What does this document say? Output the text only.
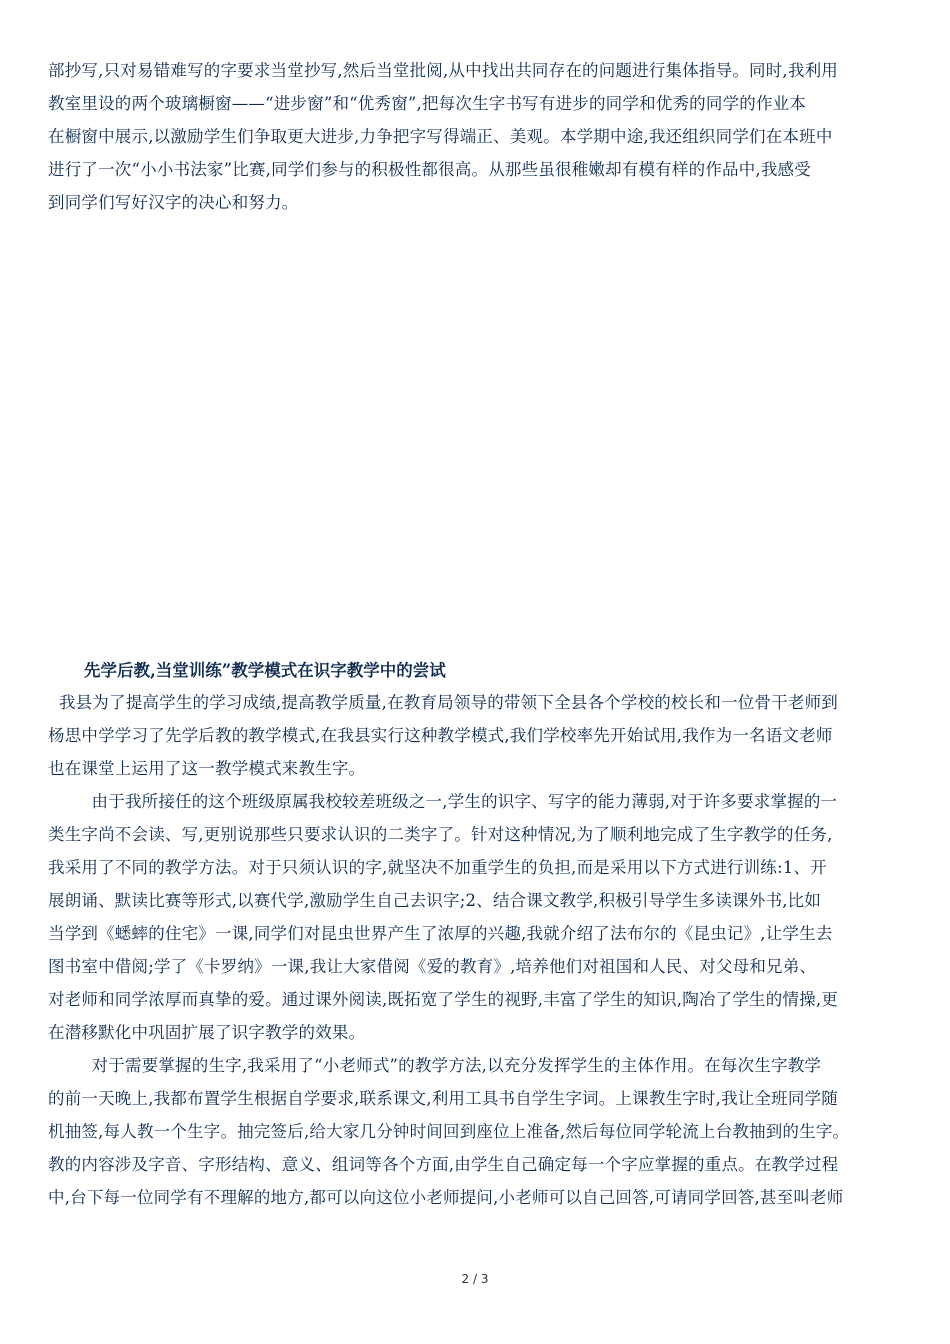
部抄写,只对易错难写的字要求当堂抄写,然后当堂批阅,从中找出共同存在的问题进行集体指导。同时,我利用
教室里设的两个玻璃橱窗——“进步窗”和“优秀窗”,把每次生字书写有进步的同学和优秀的同学的作业本
在橱窗中展示,以激励学生们争取更大进步,力争把字写得端正、美观。本学期中途,我还组织同学们在本班中
进行了一次“小小书法家”比赛,同学们参与的积极性都很高。从那些虽很稚嫩却有模有样的作品中,我感受
到同学们写好汉字的决心和努力。
先学后教,当堂训练”教学模式在识字教学中的尝试
我县为了提高学生的学习成绩,提高教学质量,在教育局领导的带领下全县各个学校的校长和一位骨干老师到
杨思中学学习了先学后教的教学模式,在我县实行这种教学模式,我们学校率先开始试用,我作为一名语文老师
也在课堂上运用了这一教学模式来教生字。
由于我所接任的这个班级原属我校较差班级之一,学生的识字、写字的能力薄弱,对于许多要求掌握的一
类生字尚不会读、写,更别说那些只要求认识的二类字了。针对这种情况,为了顺利地完成了生字教学的任务,
我采用了不同的教学方法。对于只须认识的字,就坚决不加重学生的负担,而是采用以下方式进行训练:1、开
展朗诵、默读比赛等形式,以赛代学,激励学生自己去识字;2、结合课文教学,积极引导学生多读课外书,比如
当学到《蟋蟀的住宅》一课,同学们对昆虫世界产生了浓厚的兴趣,我就介绍了法布尔的《昆虫记》,让学生去
图书室中借阅;学了《卡罗纳》一课,我让大家借阅《爱的教育》,培养他们对祖国和人民、对父母和兄弟、
对老师和同学浓厚而真挚的爱。通过课外阅读,既拓宽了学生的视野,丰富了学生的知识,陶冶了学生的情操,更
在潜移默化中巩固扩展了识字教学的效果。
对于需要掌握的生字,我采用了“小老师式”的教学方法,以充分发挥学生的主体作用。在每次生字教学
的前一天晚上,我都布置学生根据自学要求,联系课文,利用工具书自学生字词。上课教生字时,我让全班同学随
机抽签,每人教一个生字。抽完签后,给大家几分钟时间回到座位上准备,然后每位同学轮流上台教抽到的生字。
教的内容涉及字音、字形结构、意义、组词等各个方面,由学生自己确定每一个字应掌握的重点。在教学过程
中,台下每一位同学有不理解的地方,都可以向这位小老师提问,小老师可以自己回答,可请同学回答,甚至叫老师
2 / 3
